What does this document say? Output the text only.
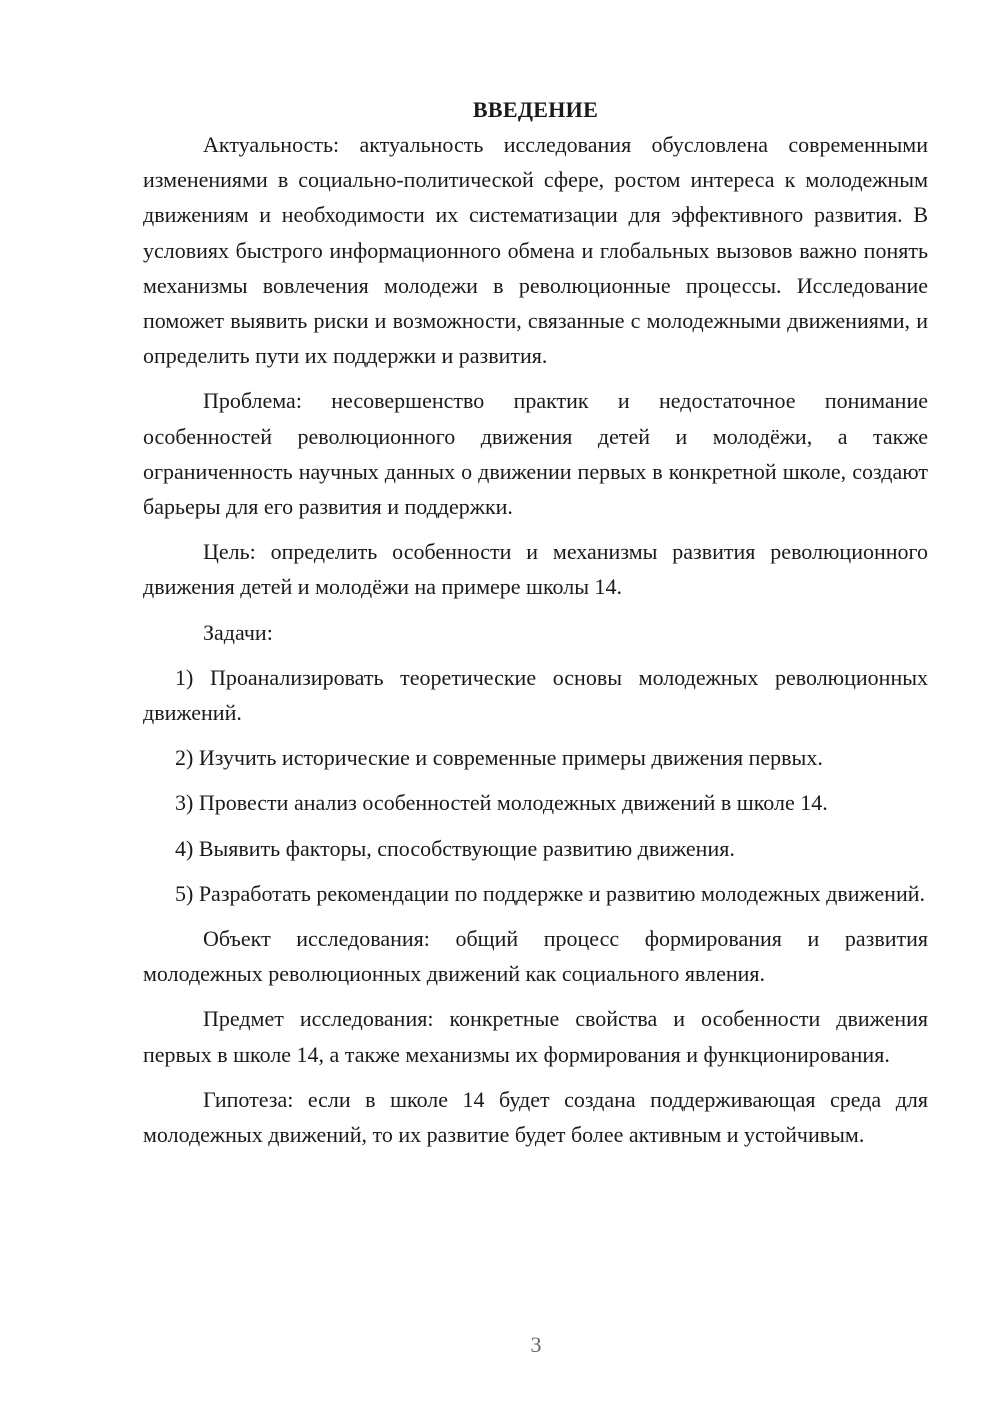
ВВЕДЕНИЕ

Актуальность: актуальность исследования обусловлена современными изменениями в социально-политической сфере, ростом интереса к молодежным движениям и необходимости их систематизации для эффективного развития. В условиях быстрого информационного обмена и глобальных вызовов важно понять механизмы вовлечения молодежи в революционные процессы. Исследование поможет выявить риски и возможности, связанные с молодежными движениями, и определить пути их поддержки и развития.

Проблема: несовершенство практик и недостаточное понимание особенностей революционного движения детей и молодёжи, а также ограниченность научных данных о движении первых в конкретной школе, создают барьеры для его развития и поддержки.

Цель: определить особенности и механизмы развития революционного движения детей и молодёжи на примере школы 14.

Задачи:

1) Проанализировать теоретические основы молодежных революционных движений.

2) Изучить исторические и современные примеры движения первых.

3) Провести анализ особенностей молодежных движений в школе 14.

4) Выявить факторы, способствующие развитию движения.

5) Разработать рекомендации по поддержке и развитию молодежных движений.

Объект исследования: общий процесс формирования и развития молодежных революционных движений как социального явления.

Предмет исследования: конкретные свойства и особенности движения первых в школе 14, а также механизмы их формирования и функционирования.

Гипотеза: если в школе 14 будет создана поддерживающая среда для молодежных движений, то их развитие будет более активным и устойчивым.

3
